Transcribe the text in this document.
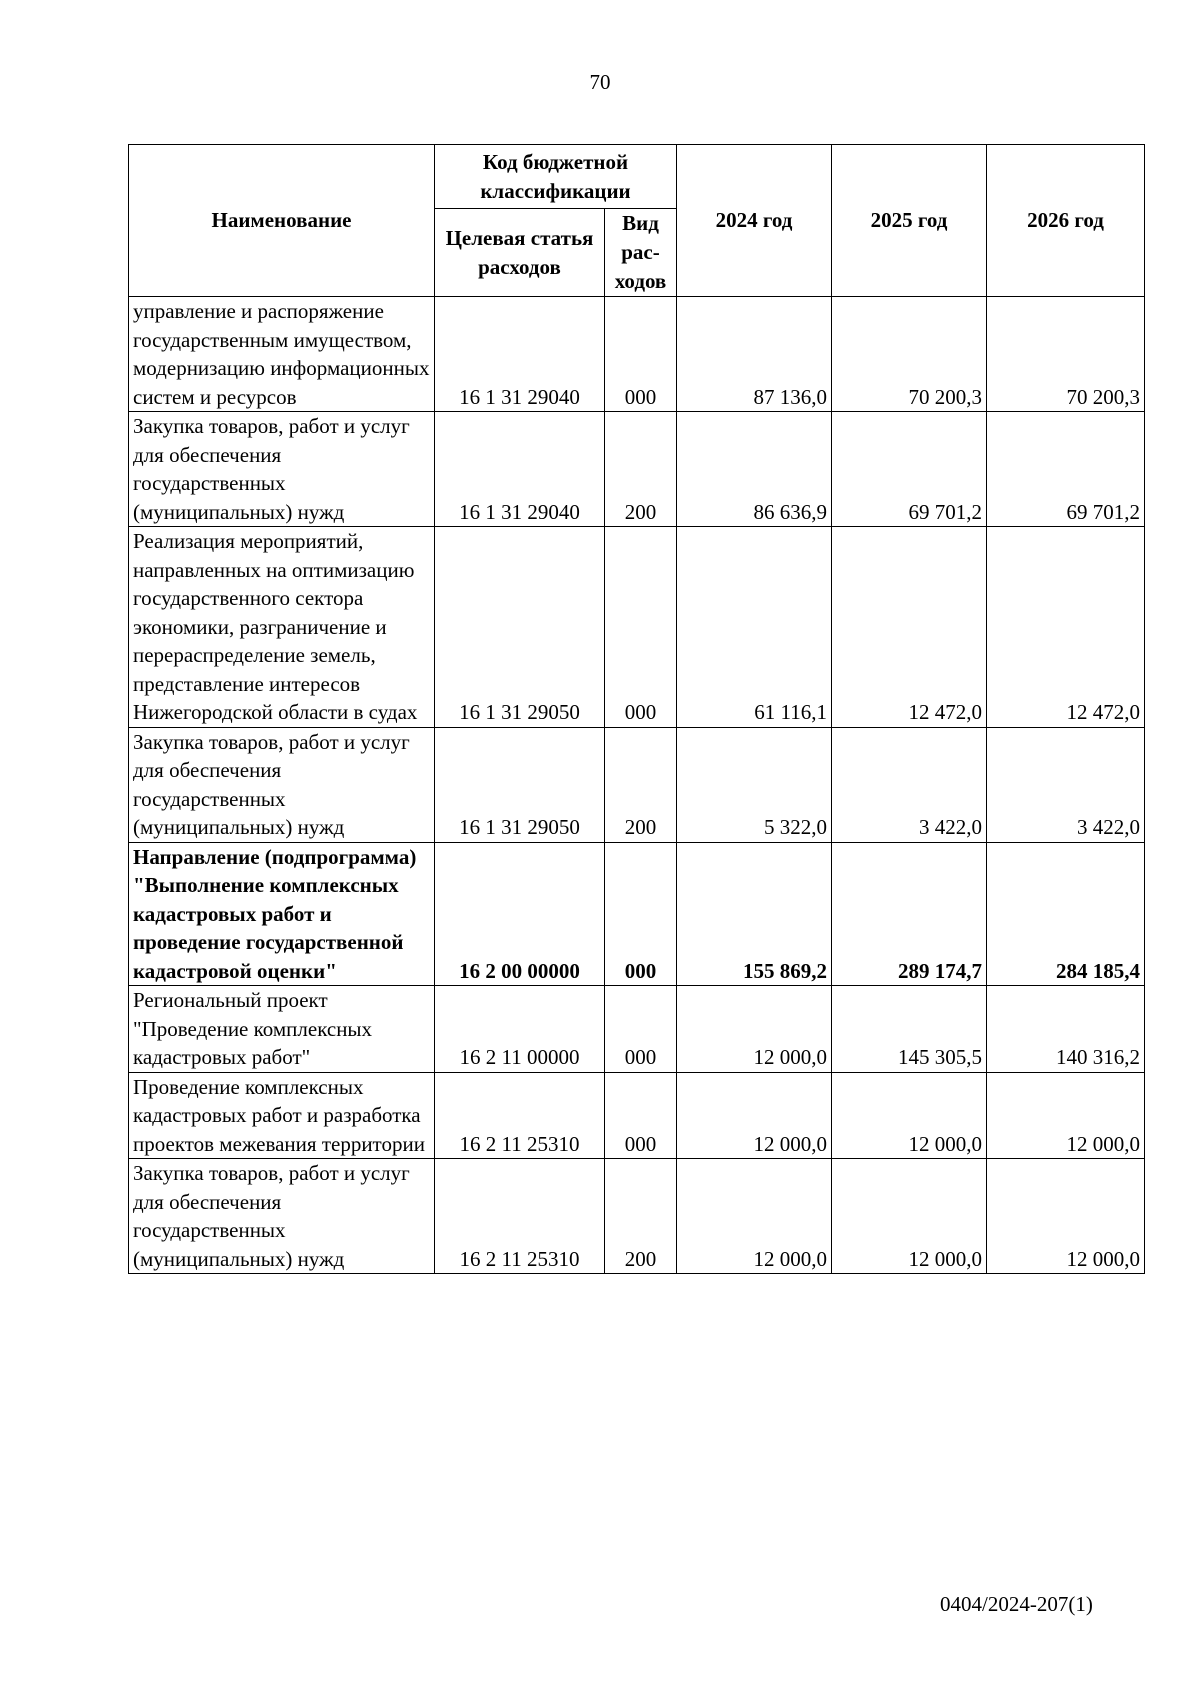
70
Наименование	Код бюджетной классификации		2024 год	2025 год	2026 год
	Целевая статья расходов	Вид рас-ходов			
управление и распоряжение государственным имуществом, модернизацию информационных систем и ресурсов	16 1 31 29040	000	87 136,0	70 200,3	70 200,3
Закупка товаров, работ и услуг для обеспечения государственных (муниципальных) нужд	16 1 31 29040	200	86 636,9	69 701,2	69 701,2
Реализация мероприятий, направленных на оптимизацию государственного сектора экономики, разграничение и перераспределение земель, представление интересов Нижегородской области в судах	16 1 31 29050	000	61 116,1	12 472,0	12 472,0
Закупка товаров, работ и услуг для обеспечения государственных (муниципальных) нужд	16 1 31 29050	200	5 322,0	3 422,0	3 422,0
Направление (подпрограмма) "Выполнение комплексных кадастровых работ и проведение государственной кадастровой оценки"	16 2 00 00000	000	155 869,2	289 174,7	284 185,4
Региональный проект "Проведение комплексных кадастровых работ"	16 2 11 00000	000	12 000,0	145 305,5	140 316,2
Проведение комплексных кадастровых работ и разработка проектов межевания территории	16 2 11 25310	000	12 000,0	12 000,0	12 000,0
Закупка товаров, работ и услуг для обеспечения государственных (муниципальных) нужд	16 2 11 25310	200	12 000,0	12 000,0	12 000,0
0404/2024-207(1)
